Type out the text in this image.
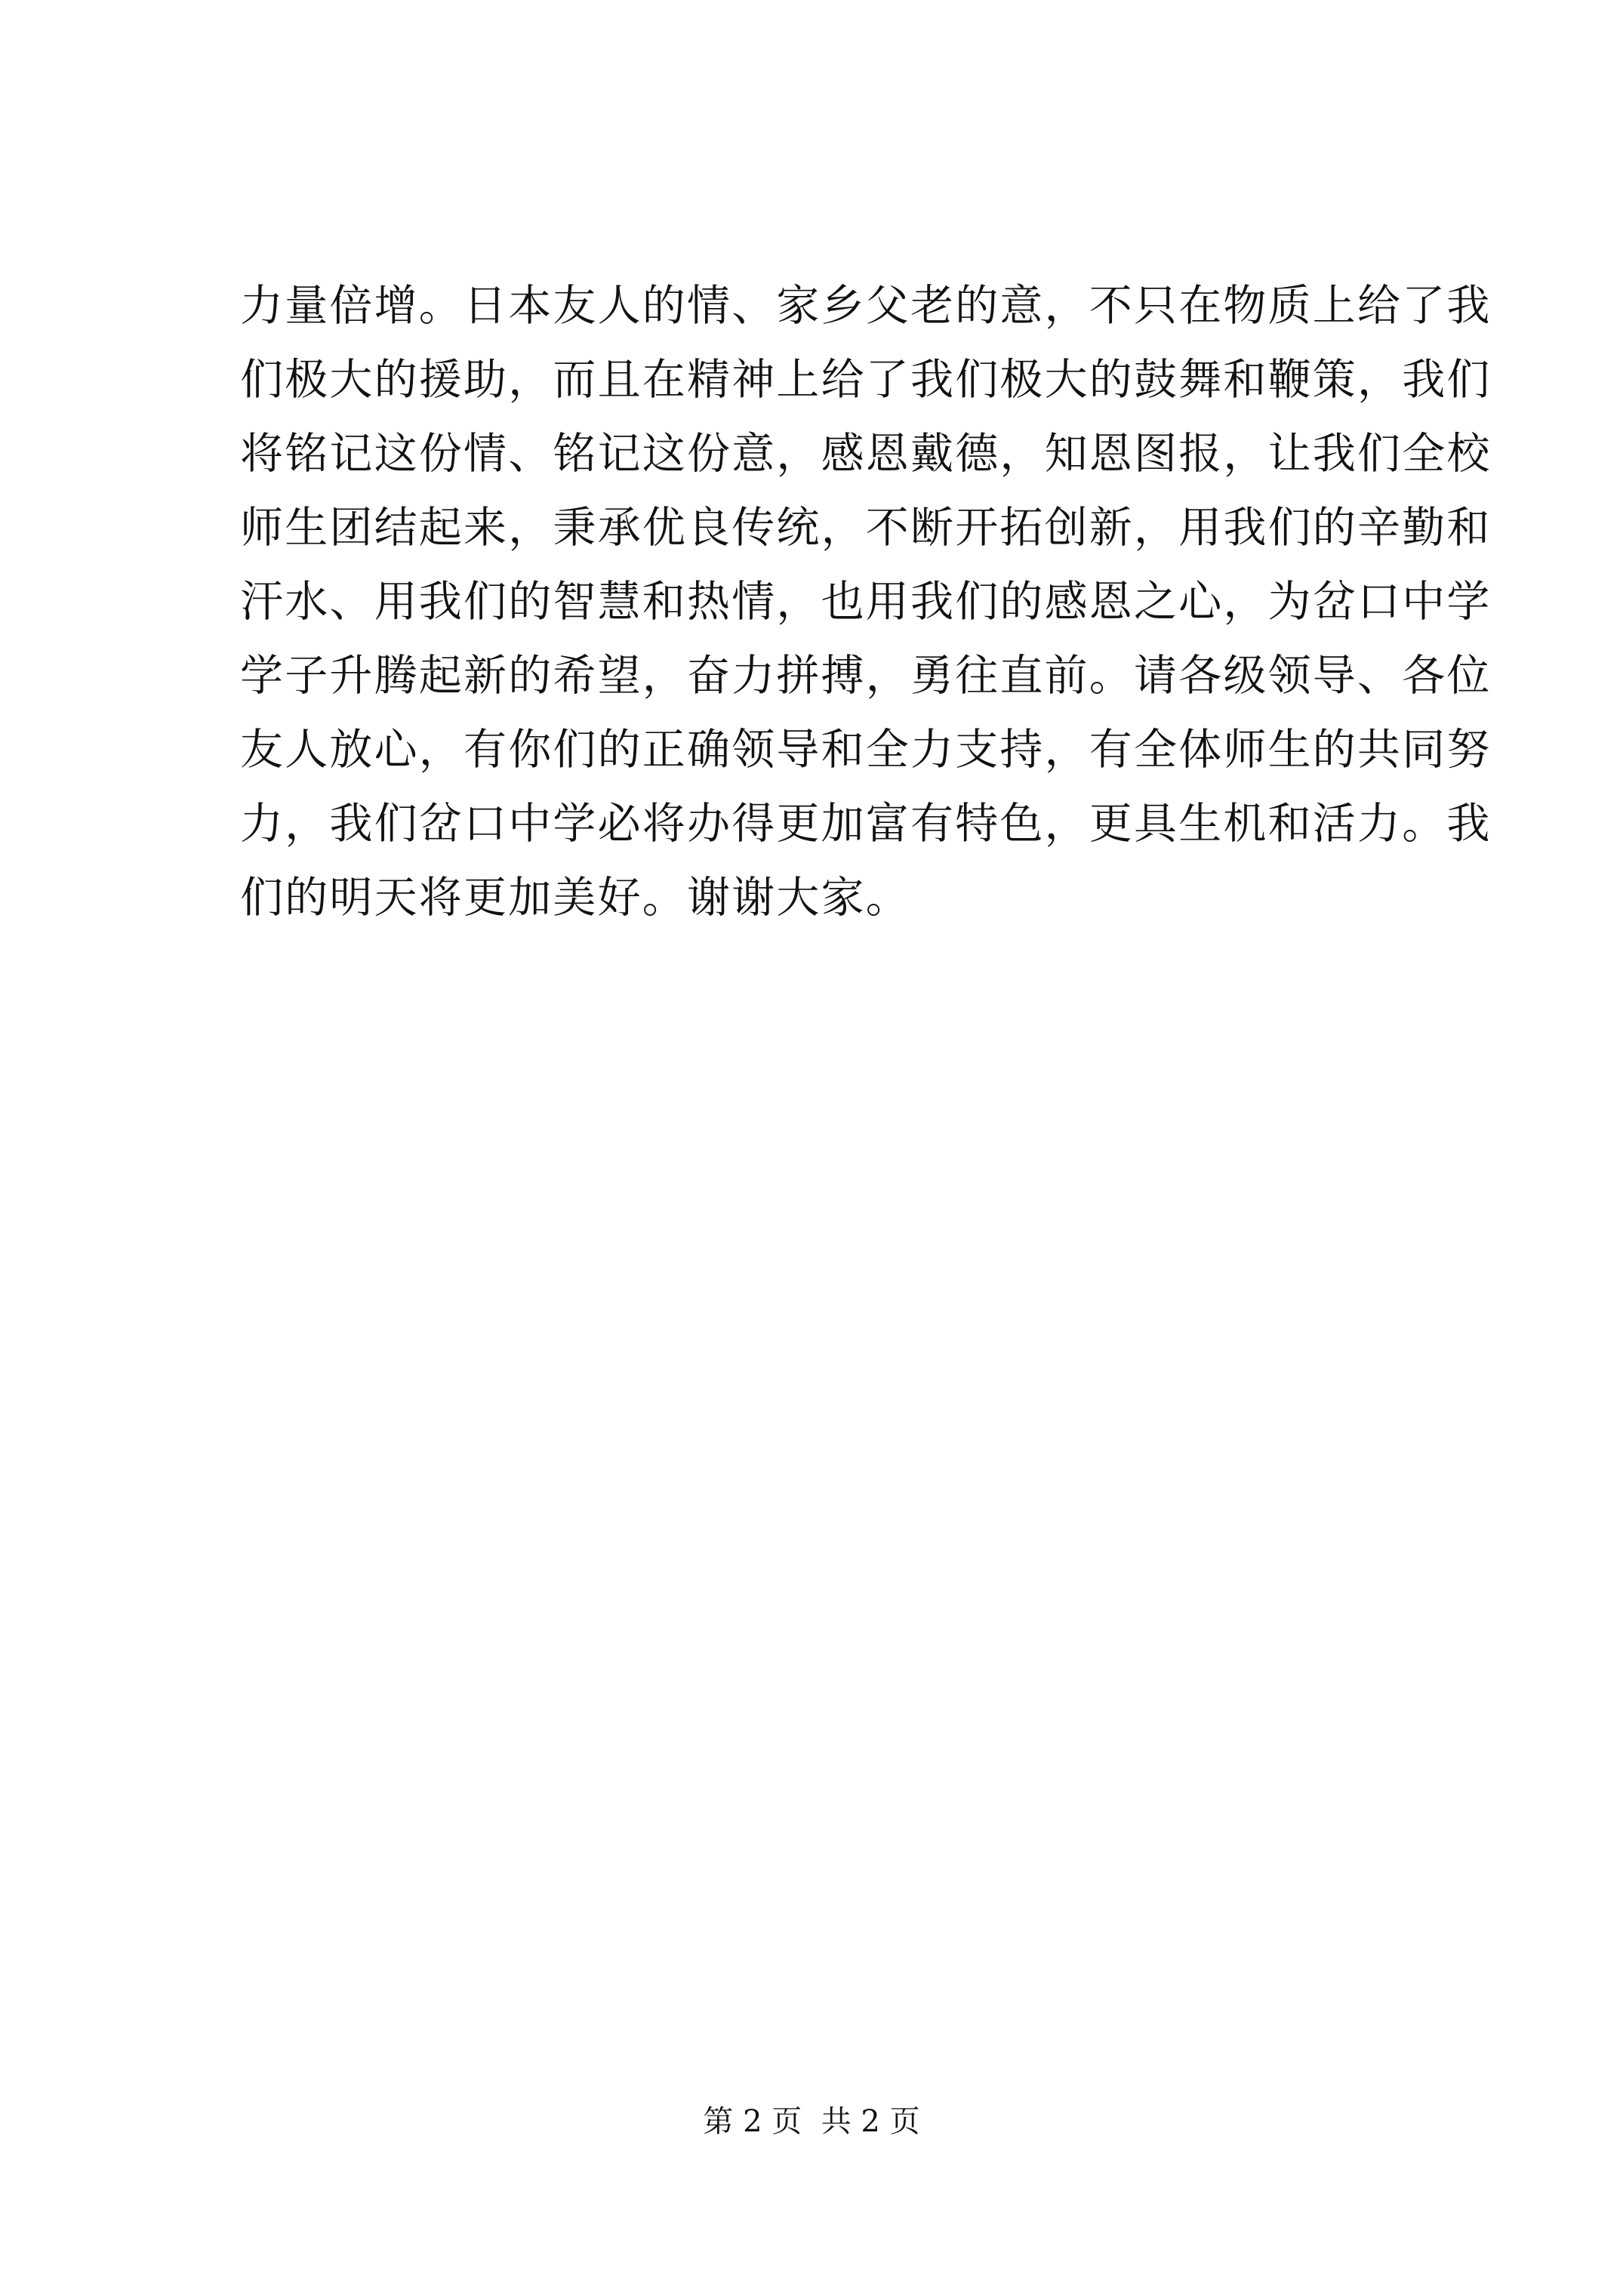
力量倍增。日本友人的情、家乡父老的意，不只在物质上给了我
们极大的援助，而且在精神上给了我们极大的鼓舞和鞭策，我们
将铭记这份情、铭记这份意，感恩戴德，知恩图报，让我们全校
师生团结起来，秉承优良传统，不断开拓创新，用我们的辛勤和
汗水、用我们的智慧和热情，也用我们的感恩之心，为岔口中学
学子升腾起新的希望，奋力拼搏，勇往直前。请各级领导、各位
友人放心，有你们的正确领导和全力支持，有全体师生的共同努
力，我们岔口中学必将办得更加富有特色，更具生机和活力。我
们的明天将更加美好。谢谢大家。
第 2 页  共 2 页
